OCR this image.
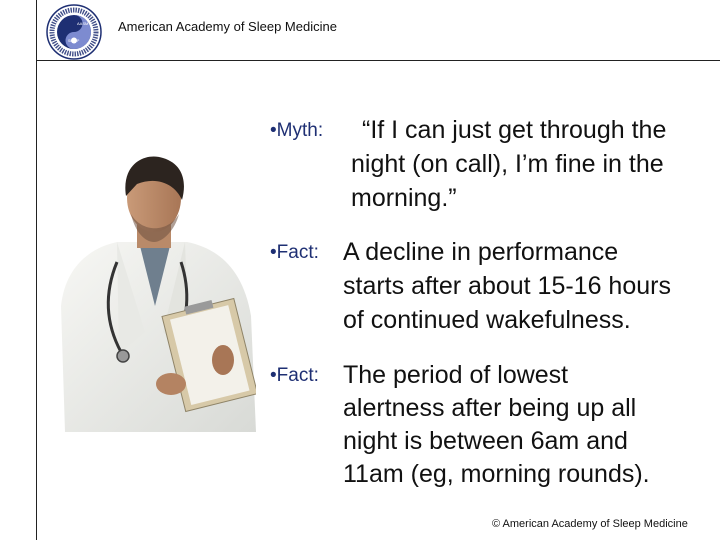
AASM
SLEEP
American Academy of Sleep Medicine
•Myth: “If I can just get through the
night (on call), I’m fine in the
morning.”
•Fact: A decline in performance
starts after about 15-16 hours
of continued wakefulness.
•Fact: The period of lowest
alertness after being up all
night is between 6am and
11am (eg, morning rounds).
© American Academy of Sleep Medicine
